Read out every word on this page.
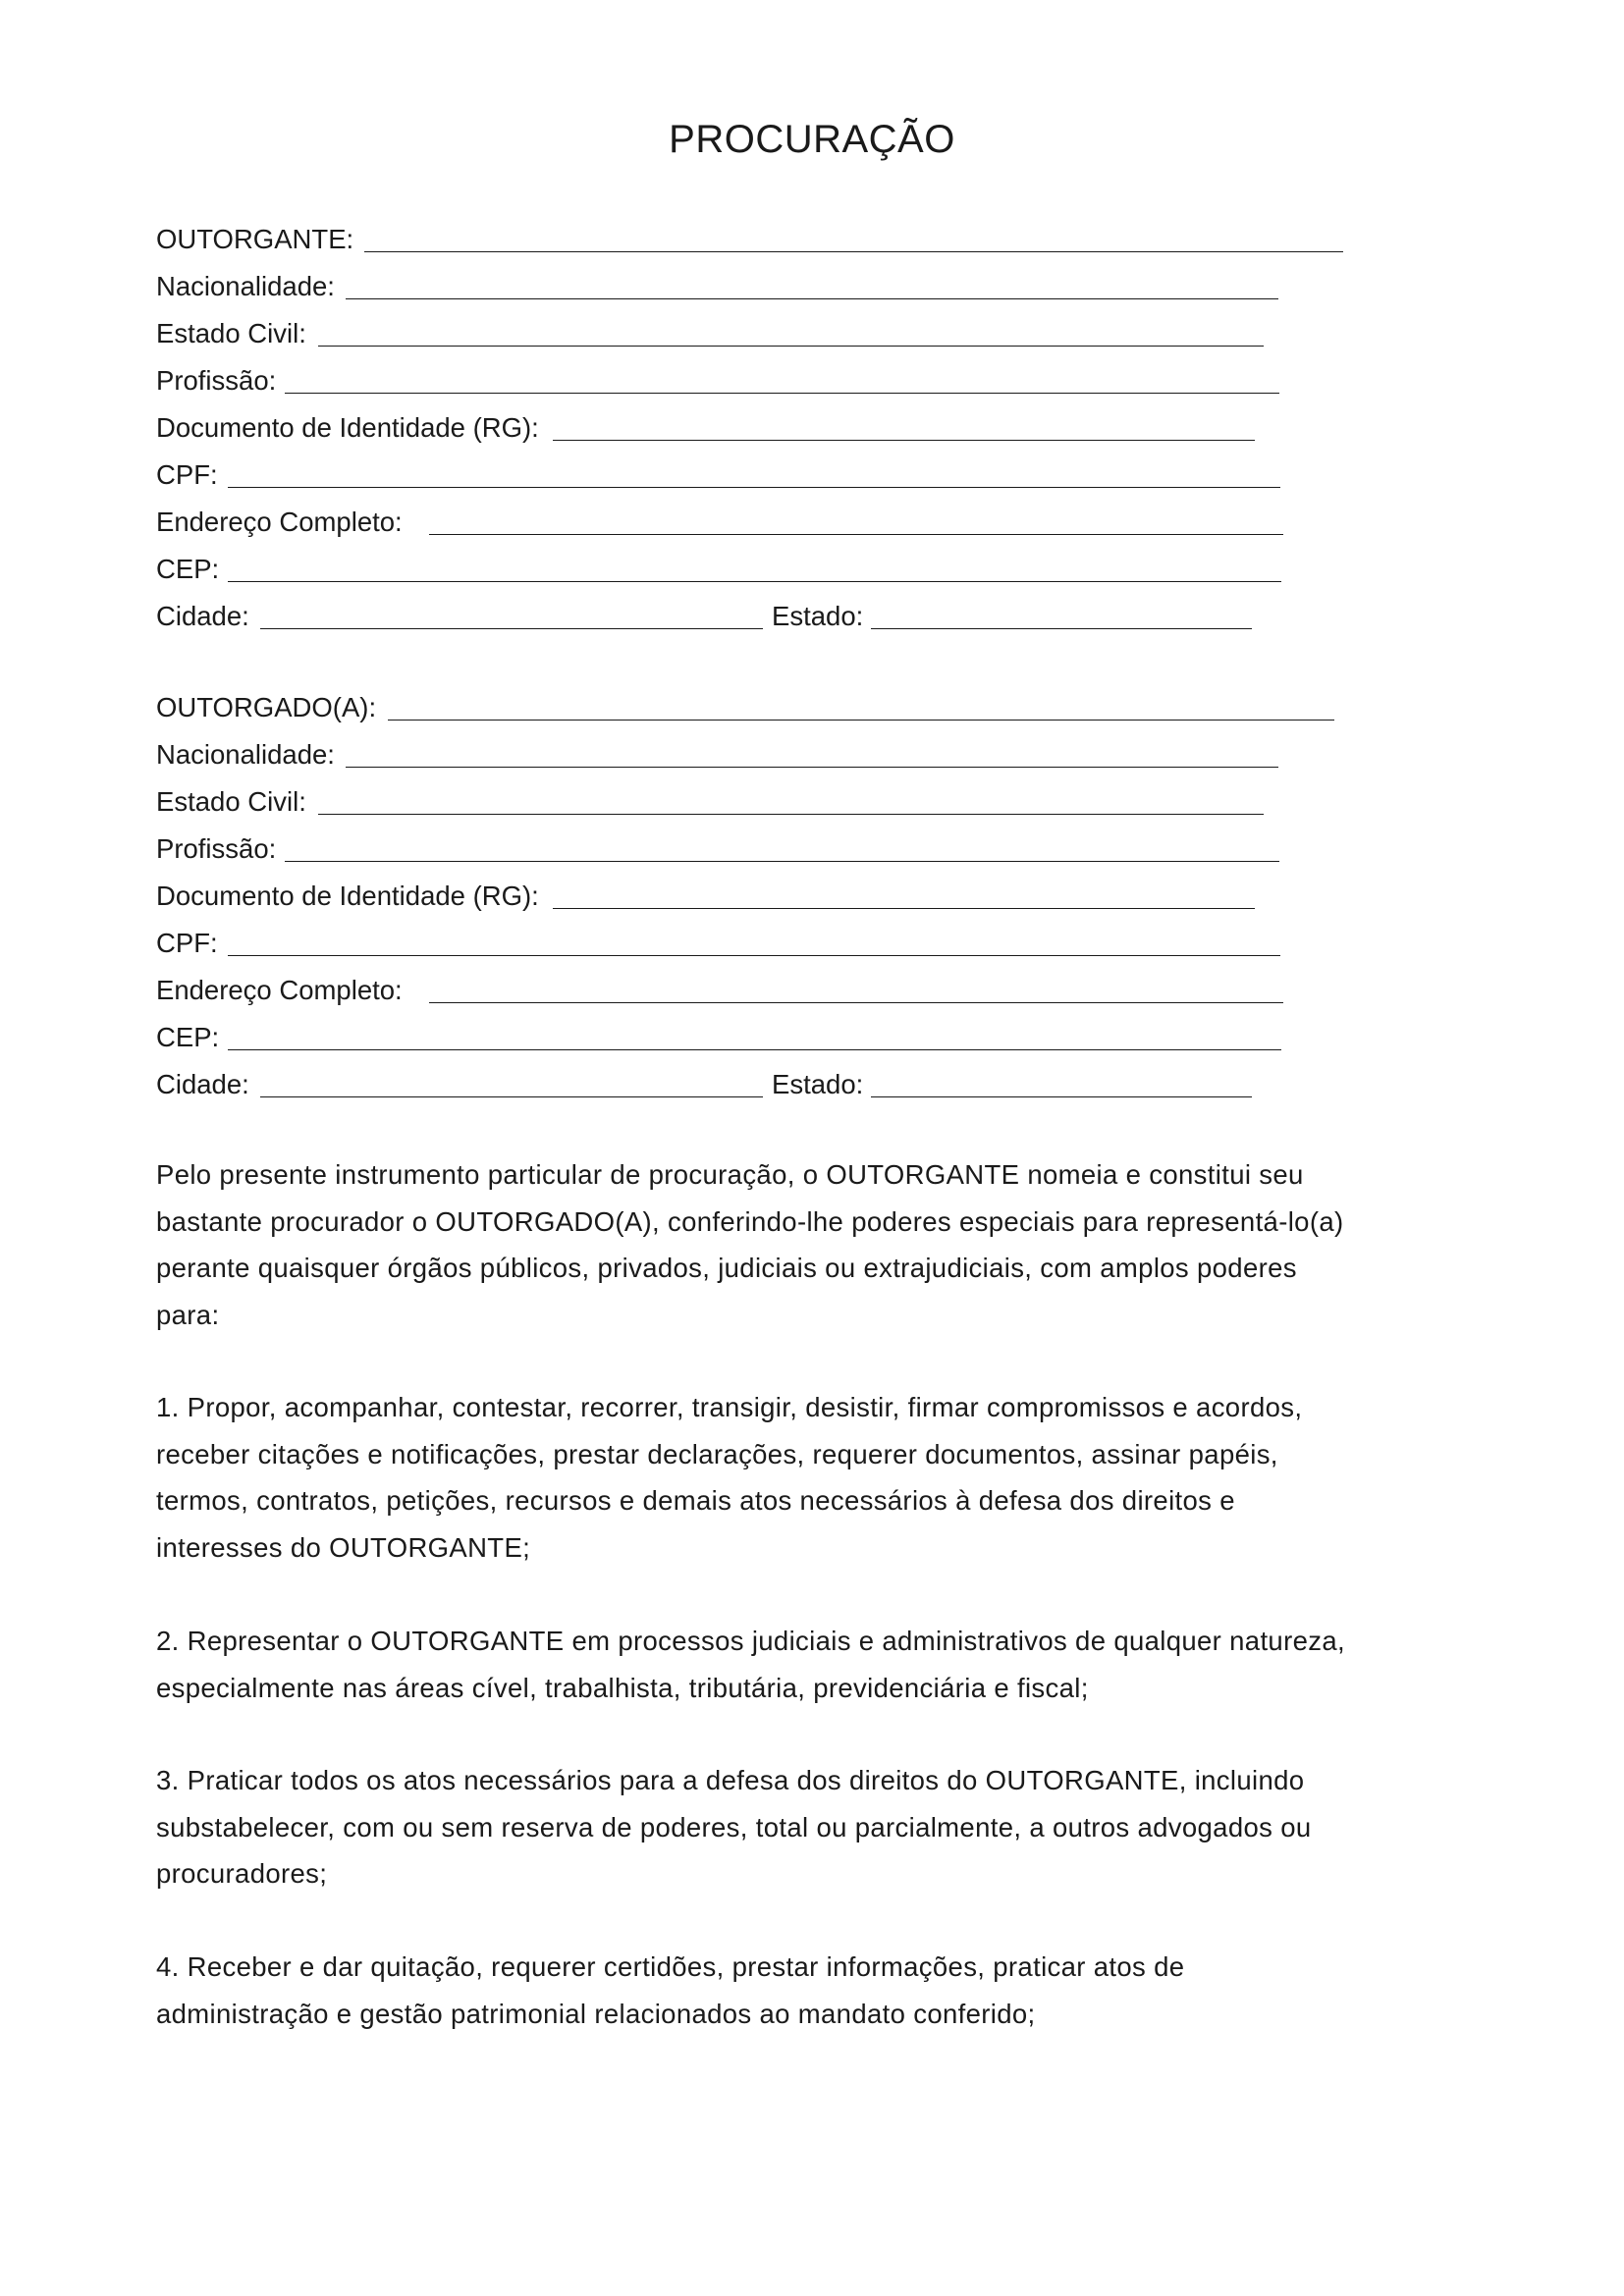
PROCURAÇÃO
OUTORGANTE:
Nacionalidade:
Estado Civil:
Profissão:
Documento de Identidade (RG):
CPF:
Endereço Completo:
CEP:
Cidade:	Estado:
OUTORGADO(A):
Nacionalidade:
Estado Civil:
Profissão:
Documento de Identidade (RG):
CPF:
Endereço Completo:
CEP:
Cidade:	Estado:

Pelo presente instrumento particular de procuração, o OUTORGANTE nomeia e constitui seu

bastante procurador o OUTORGADO(A), conferindo-lhe poderes especiais para representá-lo(a)

perante quaisquer órgãos públicos, privados, judiciais ou extrajudiciais, com amplos poderes

para:

1. Propor, acompanhar, contestar, recorrer, transigir, desistir, firmar compromissos e acordos,

receber citações e notificações, prestar declarações, requerer documentos, assinar papéis,

termos, contratos, petições, recursos e demais atos necessários à defesa dos direitos e

interesses do OUTORGANTE;

2. Representar o OUTORGANTE em processos judiciais e administrativos de qualquer natureza,

especialmente nas áreas cível, trabalhista, tributária, previdenciária e fiscal;

3. Praticar todos os atos necessários para a defesa dos direitos do OUTORGANTE, incluindo

substabelecer, com ou sem reserva de poderes, total ou parcialmente, a outros advogados ou

procuradores;

4. Receber e dar quitação, requerer certidões, prestar informações, praticar atos de

administração e gestão patrimonial relacionados ao mandato conferido;
